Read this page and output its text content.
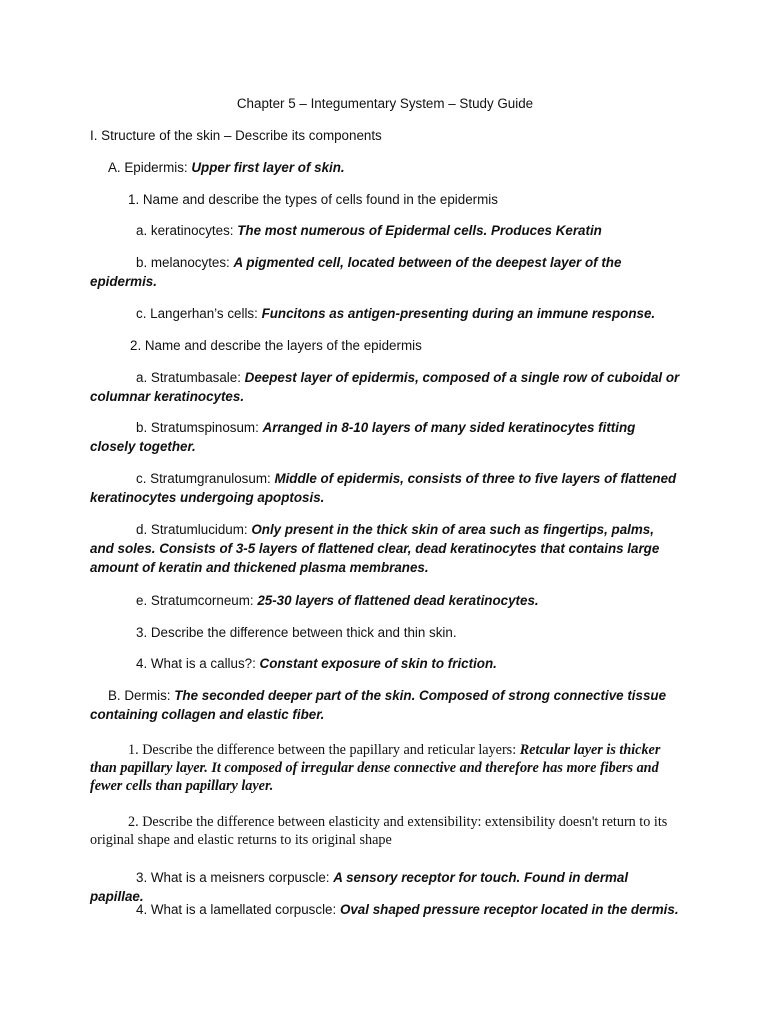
Chapter 5 – Integumentary System – Study Guide

I. Structure of the skin – Describe its components

A. Epidermis: Upper first layer of skin.

1. Name and describe the types of cells found in the epidermis

a. keratinocytes: The most numerous of Epidermal cells. Produces Keratin

b. melanocytes: A pigmented cell, located between of the deepest layer of the epidermis.

c. Langerhan’s cells: Funcitons as antigen-presenting during an immune response.

2. Name and describe the layers of the epidermis

a. Stratumbasale: Deepest layer of epidermis, composed of a single row of cuboidal or columnar keratinocytes.

b. Stratumspinosum: Arranged in 8-10 layers of many sided keratinocytes fitting closely together.

c. Stratumgranulosum: Middle of epidermis, consists of three to five layers of flattened keratinocytes undergoing apoptosis.

d. Stratumlucidum: Only present in the thick skin of area such as fingertips, palms, and soles. Consists of 3-5 layers of flattened clear, dead keratinocytes that contains large amount of keratin and thickened plasma membranes.

e. Stratumcorneum: 25-30 layers of flattened dead keratinocytes.

3. Describe the difference between thick and thin skin.

4. What is a callus?: Constant exposure of skin to friction.

B. Dermis: The seconded deeper part of the skin. Composed of strong connective tissue containing collagen and elastic fiber.

1. Describe the difference between the papillary and reticular layers: Retcular layer is thicker than papillary layer. It composed of irregular dense connective and therefore has more fibers and fewer cells than papillary layer.

2. Describe the difference between elasticity and extensibility: extensibility doesn't return to its original shape and elastic returns to its original shape

3. What is a meisners corpuscle: A sensory receptor for touch. Found in dermal papillae.

4. What is a lamellated corpuscle: Oval shaped pressure receptor located in the dermis.
